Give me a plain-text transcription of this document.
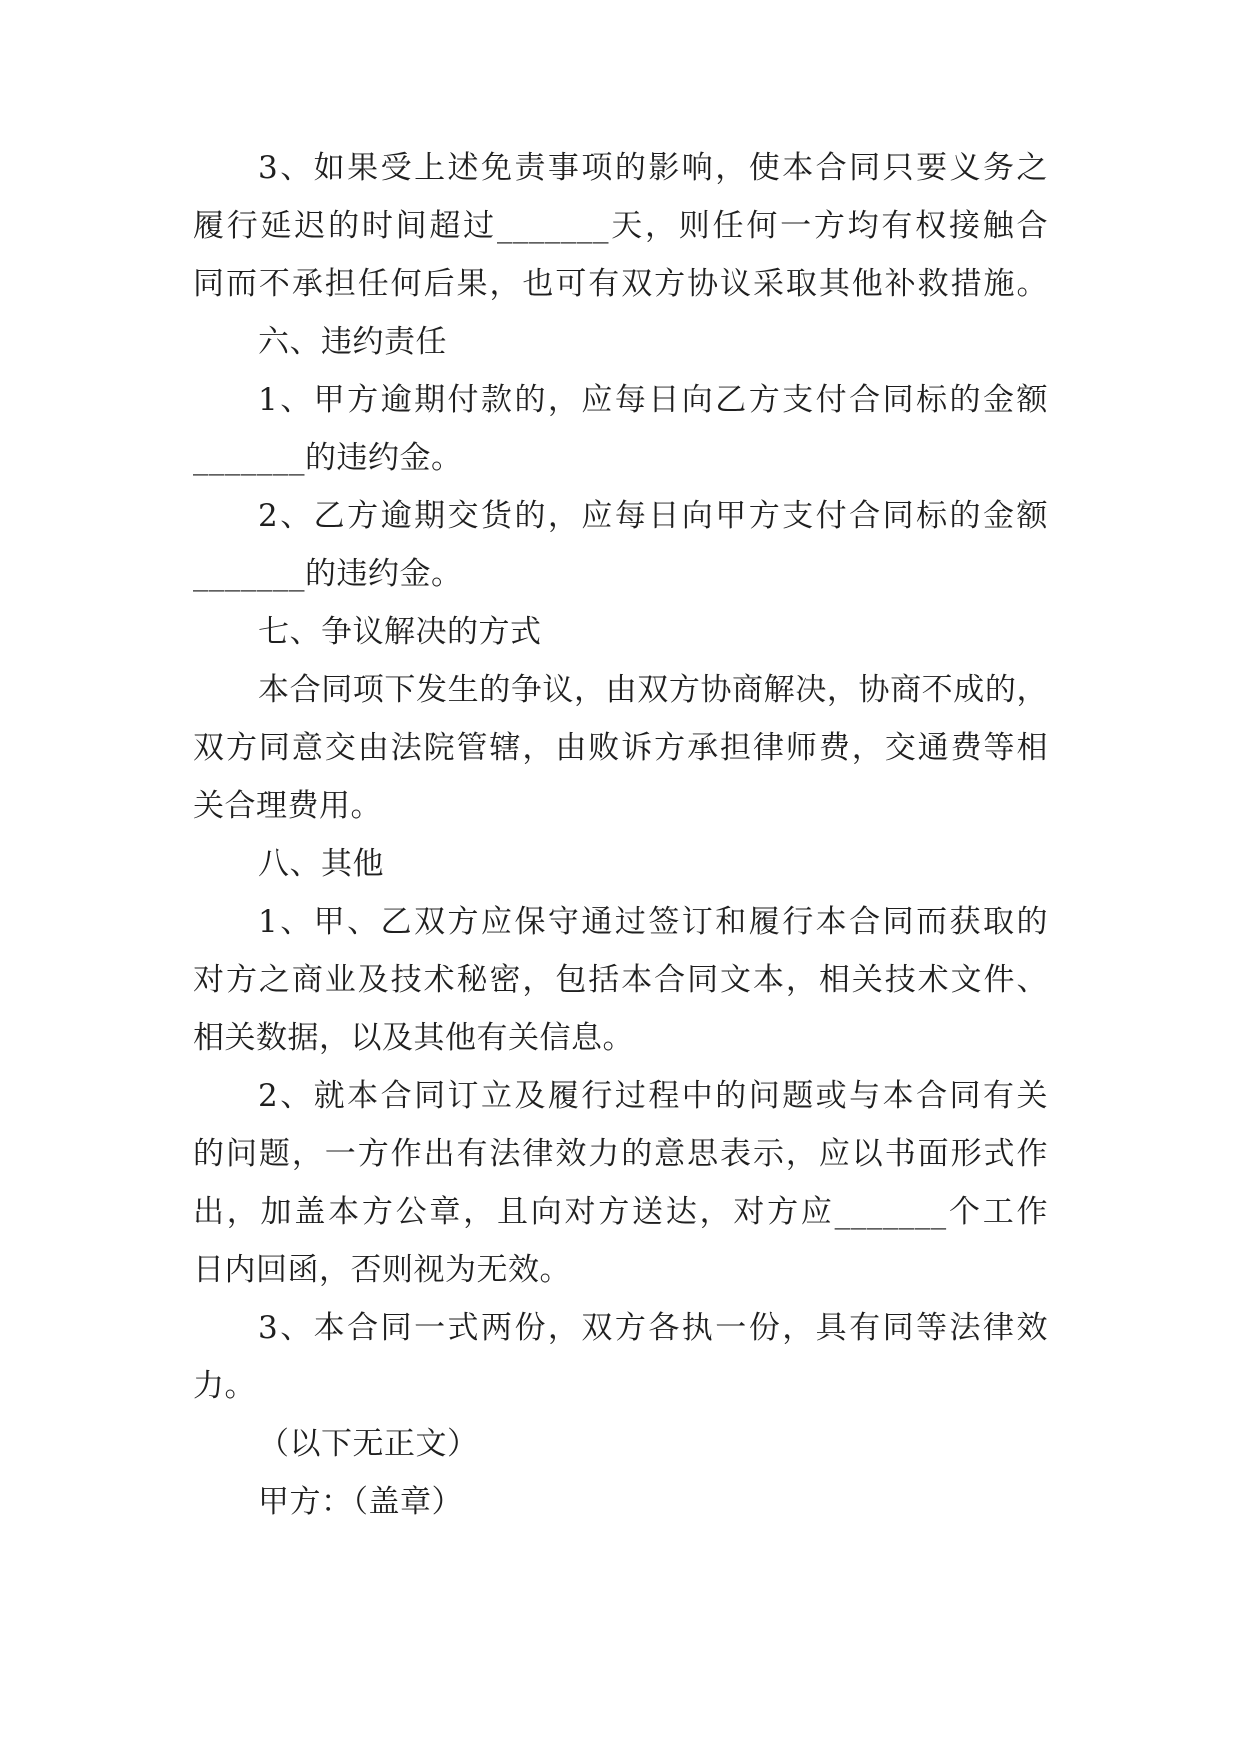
3、如果受上述免责事项的影响，使本合同只要义务之

履行延迟的时间超过_______天，则任何一方均有权接触合

同而不承担任何后果，也可有双方协议采取其他补救措施。

六、违约责任

1、甲方逾期付款的，应每日向乙方支付合同标的金额

_______的违约金。

2、乙方逾期交货的，应每日向甲方支付合同标的金额

_______的违约金。

七、争议解决的方式

本合同项下发生的争议，由双方协商解决，协商不成的，

双方同意交由法院管辖，由败诉方承担律师费，交通费等相

关合理费用。

八、其他

1、甲、乙双方应保守通过签订和履行本合同而获取的

对方之商业及技术秘密，包括本合同文本，相关技术文件、

相关数据，以及其他有关信息。

2、就本合同订立及履行过程中的问题或与本合同有关

的问题，一方作出有法律效力的意思表示，应以书面形式作

出，加盖本方公章，且向对方送达，对方应_______个工作

日内回函，否则视为无效。

3、本合同一式两份，双方各执一份，具有同等法律效

力。

（以下无正文）

甲方：（盖章）
